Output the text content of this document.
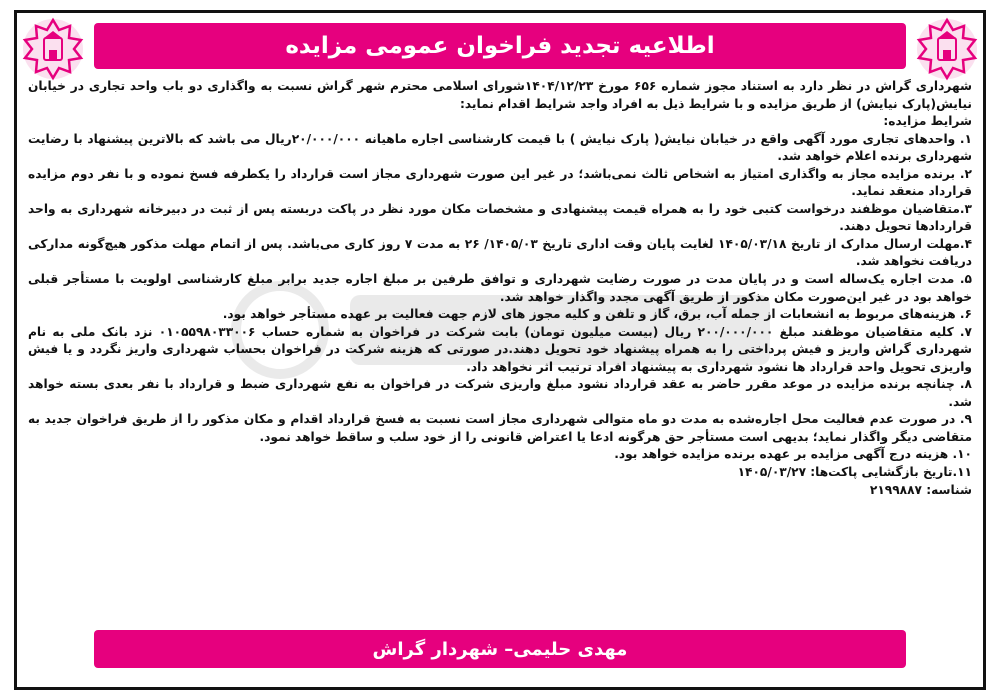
اطلاعیه تجدید فراخوان عمومی مزایده

شهرداری گراش در نظر دارد به استناد مجوز شماره ۶۵۶ مورخ ۱۴۰۴/۱۲/۲۳شورای اسلامی محترم شهر گراش نسبت به واگذاری دو باب واحد تجاری در خیابان نیایش(پارک نیایش) از طریق مزایده و با شرایط ذیل به افراد واجد شرایط اقدام نماید:

شرایط مزایده:

۱. واحدهای تجاری مورد آگهی واقع در خیابان نیایش( پارک نیایش ) با قیمت کارشناسی اجاره ماهیانه ۲۰/۰۰۰/۰۰۰ریال می باشد که بالاترین پیشنهاد با رضایت شهرداری برنده اعلام خواهد شد.

۲. برنده مزایده مجاز به واگذاری امتیاز به اشخاص ثالث نمی‌باشد؛ در غیر این صورت شهرداری مجاز است قرارداد را یکطرفه فسخ نموده و با نفر دوم مزایده قرارداد منعقد نماید.

۳.متقاضیان موظفند درخواست کتبی خود را به همراه قیمت پیشنهادی و مشخصات مکان مورد نظر در پاکت دربسته پس از ثبت در دبیرخانه شهرداری به واحد قراردادها تحویل دهند.

۴.مهلت ارسال مدارک از تاریخ ۱۴۰۵/۰۳/۱۸ لغایت پایان وقت اداری تاریخ ۱۴۰۵/۰۳/ ۲۶ به مدت ۷ روز کاری می‌باشد. پس از اتمام مهلت مذکور هیچ‌گونه مدارکی دریافت نخواهد شد.

۵. مدت اجاره یک‌ساله است و در پایان مدت در صورت رضایت شهرداری و توافق طرفین بر مبلغ اجاره جدید برابر مبلغ کارشناسی اولویت با مستأجر قبلی خواهد بود در غیر این‌صورت مکان مذکور از طریق آگهی مجدد واگذار خواهد شد.

۶. هزینه‌های مربوط به انشعابات از جمله آب، برق، گاز و تلفن و کلیه مجوز های لازم جهت فعالیت بر عهده مستأجر خواهد بود.

۷. کلیه متقاضیان موظفند مبلغ ۲۰۰/۰۰۰/۰۰۰ ریال (بیست میلیون تومان) بابت شرکت در فراخوان به شماره حساب ۰۱۰۵۵۹۸۰۳۳۰۰۶ نزد بانک ملی به نام شهرداری گراش واریز و فیش پرداختی را به همراه پیشنهاد خود تحویل دهند.در صورتی که هزینه شرکت در فراخوان بحساب شهرداری واریز نگردد و یا فیش واریزی تحویل واحد قرارداد ها نشود شهرداری به پیشنهاد افراد ترتیب اثر نخواهد داد.

۸. چنانچه برنده مزایده در موعد مقرر حاضر به عقد قرارداد نشود مبلغ واریزی شرکت در فراخوان به نفع شهرداری ضبط و قرارداد با نفر بعدی بسته خواهد شد.

۹. در صورت عدم فعالیت محل اجاره‌شده به مدت دو ماه متوالی شهرداری مجاز است نسبت به فسخ قرارداد اقدام و مکان مذکور را از طریق فراخوان جدید به متقاضی دیگر واگذار نماید؛ بدیهی است مستأجر حق هرگونه ادعا یا اعتراض قانونی را از خود سلب و ساقط خواهد نمود.

۱۰. هزینه درج آگهی مزایده بر عهده برنده مزایده خواهد بود.

۱۱.تاریخ بازگشایی پاکت‌ها: ۱۴۰۵/۰۳/۲۷

شناسه: ۲۱۹۹۸۸۷

مهدی حلیمی– شهردار گراش
